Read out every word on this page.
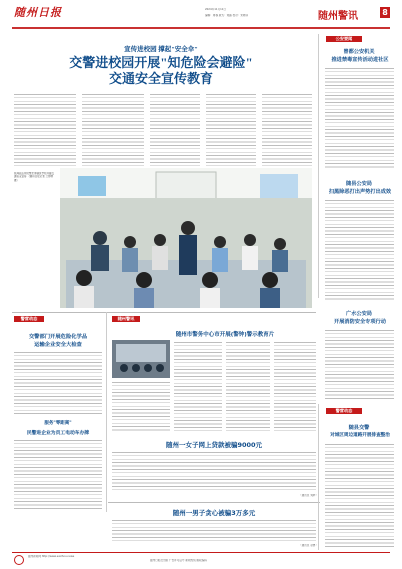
随州日报	2024年11月11日
编辑：周蓉 版式：刘露 校对：朱晓菲	随州警讯	8
宣传进校园 撑起"安全伞"
交警进校园开展"知危险会避险"
交通安全宣传教育
张湾派出所民警走进辖区学校开展交通安全宣传 （随州日报记者 兰婷婷摄）
公安要闻
曾都公安机关
推进禁毒宣传活动进社区
随县公安局
扫黑除恶打出声势打出成效
广水公安局
开展消防安全专项行动
警营动态
交警部门开展危险化学品
运输企业安全大检查
服务"零距离"
民警进企业为员工电动车办牌
随州警讯
随州市警务中心市开展(警钟)警示教育片
随州一女子网上贷款被骗9000元
（通讯员 刘梦）
随州一男子贪心被骗3万多元
（通讯员 余勇）
警营动态
随县交警
对城区周边道路开展排查整治
随州新闻网 http://www.suizhou.news
随州日报社出版 广告许可证号 新闻热线 邮政编码
